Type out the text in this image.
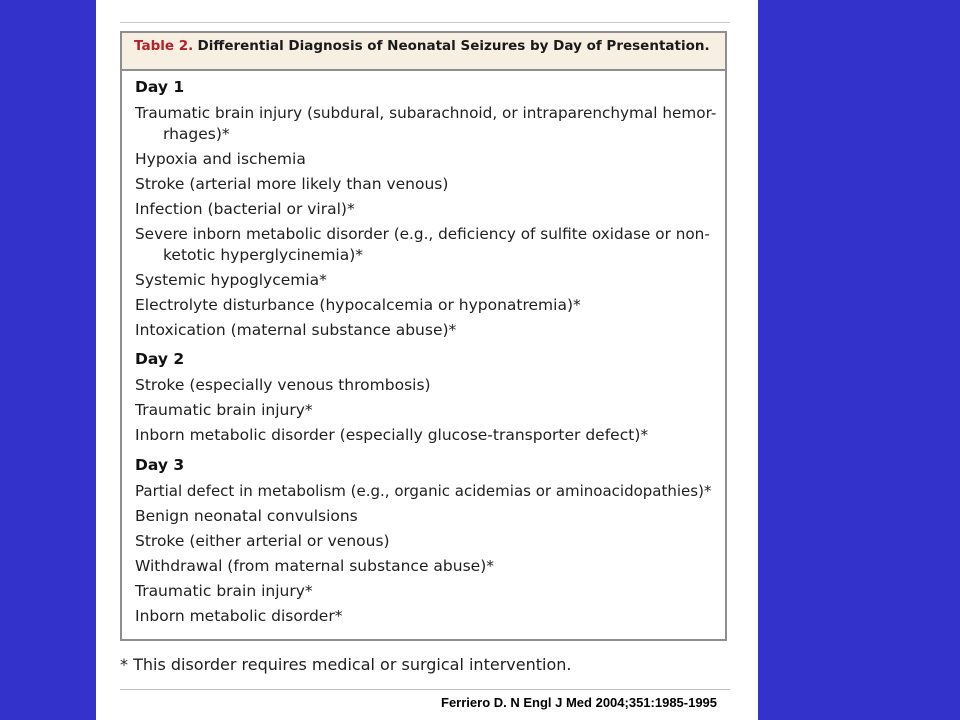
Table 2. Differential Diagnosis of Neonatal Seizures by Day of Presentation.
Day 1
Traumatic brain injury (subdural, subarachnoid, or intraparenchymal hemor-
rhages)*
Hypoxia and ischemia
Stroke (arterial more likely than venous)
Infection (bacterial or viral)*
Severe inborn metabolic disorder (e.g., deficiency of sulfite oxidase or non-
ketotic hyperglycinemia)*
Systemic hypoglycemia*
Electrolyte disturbance (hypocalcemia or hyponatremia)*
Intoxication (maternal substance abuse)*
Day 2
Stroke (especially venous thrombosis)
Traumatic brain injury*
Inborn metabolic disorder (especially glucose-transporter defect)*
Day 3
Partial defect in metabolism (e.g., organic acidemias or aminoacidopathies)*
Benign neonatal convulsions
Stroke (either arterial or venous)
Withdrawal (from maternal substance abuse)*
Traumatic brain injury*
Inborn metabolic disorder*
* This disorder requires medical or surgical intervention.
Ferriero D. N Engl J Med 2004;351:1985-1995
